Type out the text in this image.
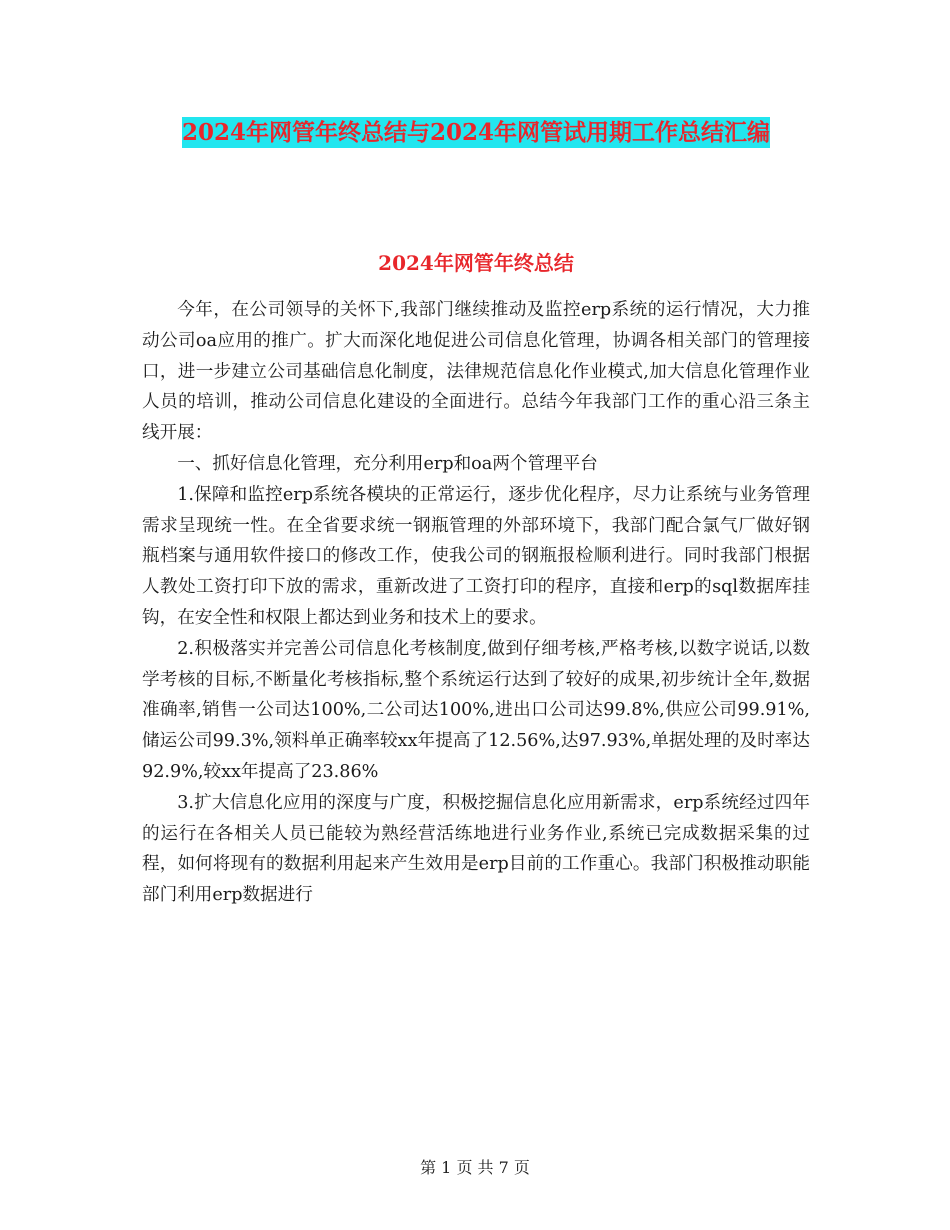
2024年网管年终总结与2024年网管试用期工作总结汇编
2024年网管年终总结

今年，在公司领导的关怀下,我部门继续推动及监控erp系统的运行情况，大力推动公司oa应用的推广。扩大而深化地促进公司信息化管理，协调各相关部门的管理接口，进一步建立公司基础信息化制度，法律规范信息化作业模式,加大信息化管理作业人员的培训，推动公司信息化建设的全面进行。总结今年我部门工作的重心沿三条主线开展：

一、抓好信息化管理，充分利用erp和oa两个管理平台

1.保障和监控erp系统各模块的正常运行，逐步优化程序，尽力让系统与业务管理需求呈现统一性。在全省要求统一钢瓶管理的外部环境下，我部门配合氯气厂做好钢瓶档案与通用软件接口的修改工作，使我公司的钢瓶报检顺利进行。同时我部门根据人教处工资打印下放的需求，重新改进了工资打印的程序，直接和erp的sql数据库挂钩，在安全性和权限上都达到业务和技术上的要求。

2.积极落实并完善公司信息化考核制度,做到仔细考核,严格考核,以数字说话,以数学考核的目标,不断量化考核指标,整个系统运行达到了较好的成果,初步统计全年,数据准确率,销售一公司达100%,二公司达100%,进出口公司达99.8%,供应公司99.91%,储运公司99.3%,领料单正确率较xx年提高了12.56%,达97.93%,单据处理的及时率达92.9%,较xx年提高了23.86%

3.扩大信息化应用的深度与广度，积极挖掘信息化应用新需求，erp系统经过四年的运行在各相关人员已能较为熟经营活练地进行业务作业,系统已完成数据采集的过程，如何将现有的数据利用起来产生效用是erp目前的工作重心。我部门积极推动职能部门利用erp数据进行

第 1 页 共 7 页
